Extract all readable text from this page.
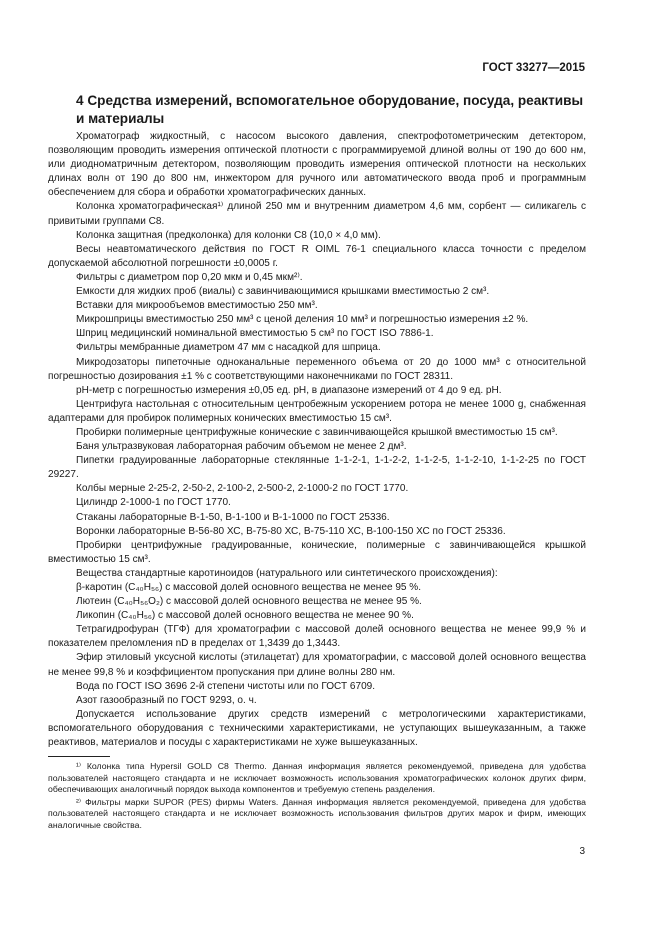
ГОСТ 33277—2015
4 Средства измерений, вспомогательное оборудование, посуда, реактивы и материалы

Хроматограф жидкостный, с насосом высокого давления, спектрофотометрическим детектором, позволяющим проводить измерения оптической плотности с программируемой длиной волны от 190 до 600 нм, или диодноматричным детектором, позволяющим проводить измерения оптической плотности на нескольких длинах волн от 190 до 800 нм, инжектором для ручного или автоматического ввода проб и программным обеспечением для сбора и обработки хроматографических данных.

Колонка хроматографическая¹⁾ длиной 250 мм и внутренним диаметром 4,6 мм, сорбент — силикагель с привитыми группами С8.

Колонка защитная (предколонка) для колонки С8 (10,0 × 4,0 мм).

Весы неавтоматического действия по ГОСТ R OIML 76-1 специального класса точности с пределом допускаемой абсолютной погрешности ±0,0005 г.

Фильтры с диаметром пор 0,20 мкм и 0,45 мкм²⁾.

Емкости для жидких проб (виалы) с завинчивающимися крышками вместимостью 2 см³.

Вставки для микрообъемов вместимостью 250 мм³.

Микрошприцы вместимостью 250 мм³ с ценой деления 10 мм³ и погрешностью измерения ±2 %.

Шприц медицинский номинальной вместимостью 5 см³ по ГОСТ ISO 7886-1.

Фильтры мембранные диаметром 47 мм с насадкой для шприца.

Микродозаторы пипеточные одноканальные переменного объема от 20 до 1000 мм³ с относительной погрешностью дозирования ±1 % с соответствующими наконечниками по ГОСТ 28311.

pH-метр с погрешностью измерения ±0,05 ед. pH, в диапазоне измерений от 4 до 9 ед. pH.

Центрифуга настольная с относительным центробежным ускорением ротора не менее 1000 g, снабженная адаптерами для пробирок полимерных конических вместимостью 15 см³.

Пробирки полимерные центрифужные конические с завинчивающейся крышкой вместимостью 15 см³.

Баня ультразвуковая лабораторная рабочим объемом не менее 2 дм³.

Пипетки градуированные лабораторные стеклянные 1-1-2-1, 1-1-2-2, 1-1-2-5, 1-1-2-10, 1-1-2-25 по ГОСТ 29227.

Колбы мерные 2-25-2, 2-50-2, 2-100-2, 2-500-2, 2-1000-2 по ГОСТ 1770.

Цилиндр 2-1000-1 по ГОСТ 1770.

Стаканы лабораторные В-1-50, В-1-100 и В-1-1000 по ГОСТ 25336.

Воронки лабораторные В-56-80 ХС, В-75-80 ХС, В-75-110 ХС, В-100-150 ХС по ГОСТ 25336.

Пробирки центрифужные градуированные, конические, полимерные с завинчивающейся крышкой вместимостью 15 см³.

Вещества стандартные каротиноидов (натурального или синтетического происхождения):

β-каротин (C₄₀H₅₆) с массовой долей основного вещества не менее 95 %.

Лютеин (C₄₀H₅₆O₂) с массовой долей основного вещества не менее 95 %.

Ликопин (C₄₀H₅₆) с массовой долей основного вещества не менее 90 %.

Тетрагидрофуран (ТГФ) для хроматографии с массовой долей основного вещества не менее 99,9 % и показателем преломления nD в пределах от 1,3439 до 1,3443.

Эфир этиловый уксусной кислоты (этилацетат) для хроматографии, с массовой долей основного вещества не менее 99,8 % и коэффициентом пропускания при длине волны 280 нм.

Вода по ГОСТ ISO 3696 2-й степени чистоты или по ГОСТ 6709.

Азот газообразный по ГОСТ 9293, о. ч.

Допускается использование других средств измерений с метрологическими характеристиками, вспомогательного оборудования с техническими характеристиками, не уступающих вышеуказанным, а также реактивов, материалов и посуды с характеристиками не хуже вышеуказанных.

¹⁾ Колонка типа Hypersil GOLD C8 Thermo. Данная информация является рекомендуемой, приведена для удобства пользователей настоящего стандарта и не исключает возможность использования хроматографических колонок других фирм, обеспечивающих аналогичный порядок выхода компонентов и требуемую степень разделения.

²⁾ Фильтры марки SUPOR (PES) фирмы Waters. Данная информация является рекомендуемой, приведена для удобства пользователей настоящего стандарта и не исключает возможность использования фильтров других марок и фирм, имеющих аналогичные свойства.

3
